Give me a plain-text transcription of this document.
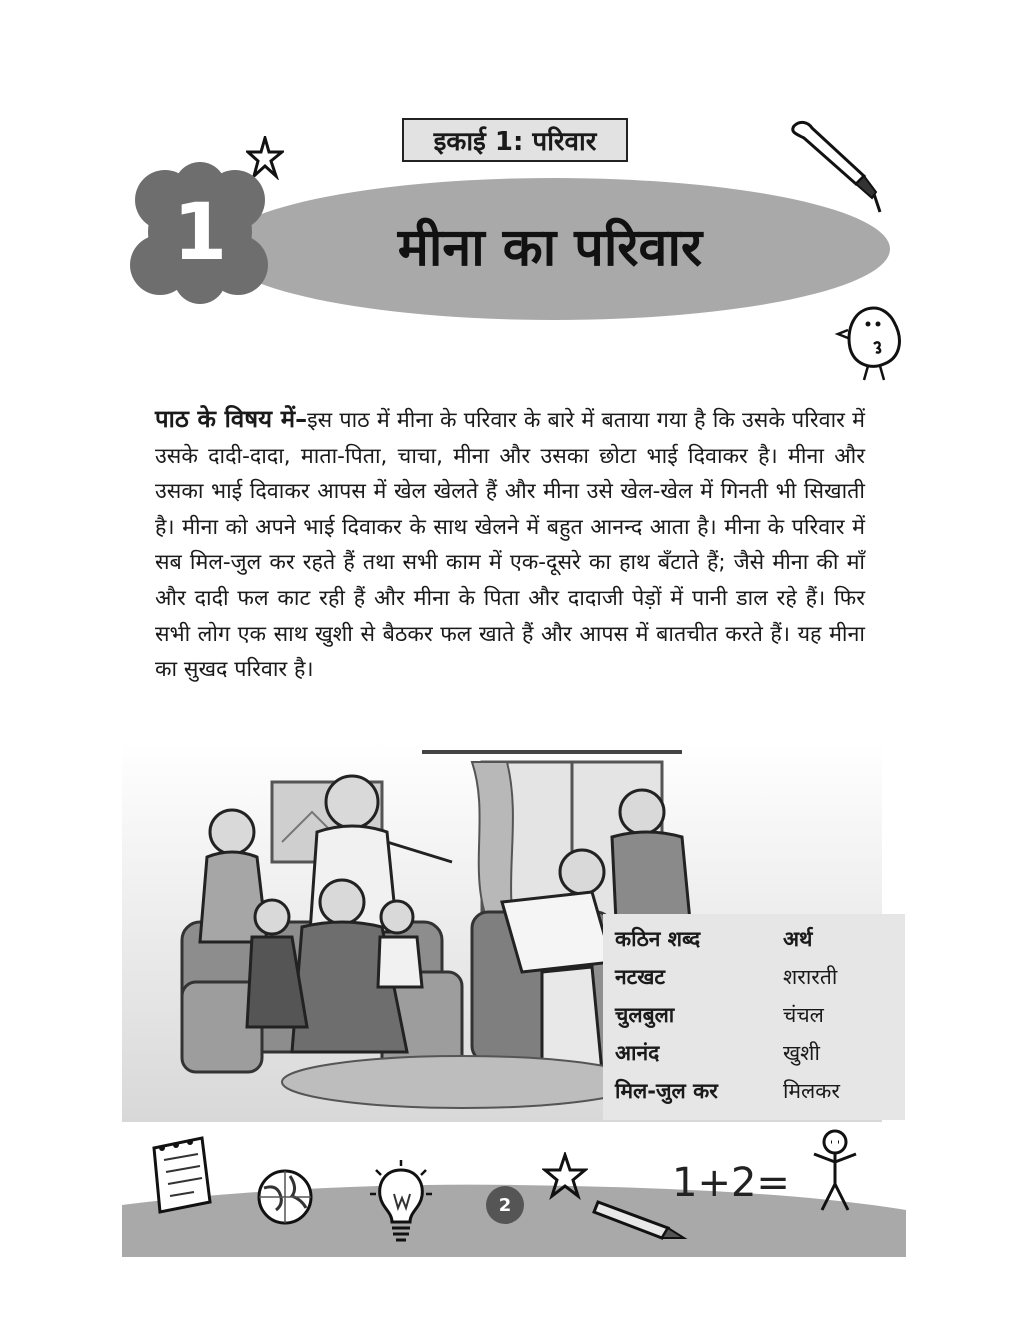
इकाई 1: परिवार
1	मीना का परिवार
पाठ के विषय में–इस पाठ में मीना के परिवार के बारे में बताया गया है कि उसके परिवार में उसके दादी-दादा, माता-पिता, चाचा, मीना और उसका छोटा भाई दिवाकर है। मीना और उसका भाई दिवाकर आपस में खेल खेलते हैं और मीना उसे खेल-खेल में गिनती भी सिखाती है। मीना को अपने भाई दिवाकर के साथ खेलने में बहुत आनन्द आता है। मीना के परिवार में सब मिल-जुल कर रहते हैं तथा सभी काम में एक-दूसरे का हाथ बँटाते हैं; जैसे मीना की माँ और दादी फल काट रही हैं और मीना के पिता और दादाजी पेड़ों में पानी डाल रहे हैं। फिर सभी लोग एक साथ खुशी से बैठकर फल खाते हैं और आपस में बातचीत करते हैं। यह मीना का सुखद परिवार है।
कठिन शब्द	अर्थ
नटखट	शरारती
चुलबुला	चंचल
आनंद	खुशी
मिल-जुल कर	मिलकर
2	1+2=
